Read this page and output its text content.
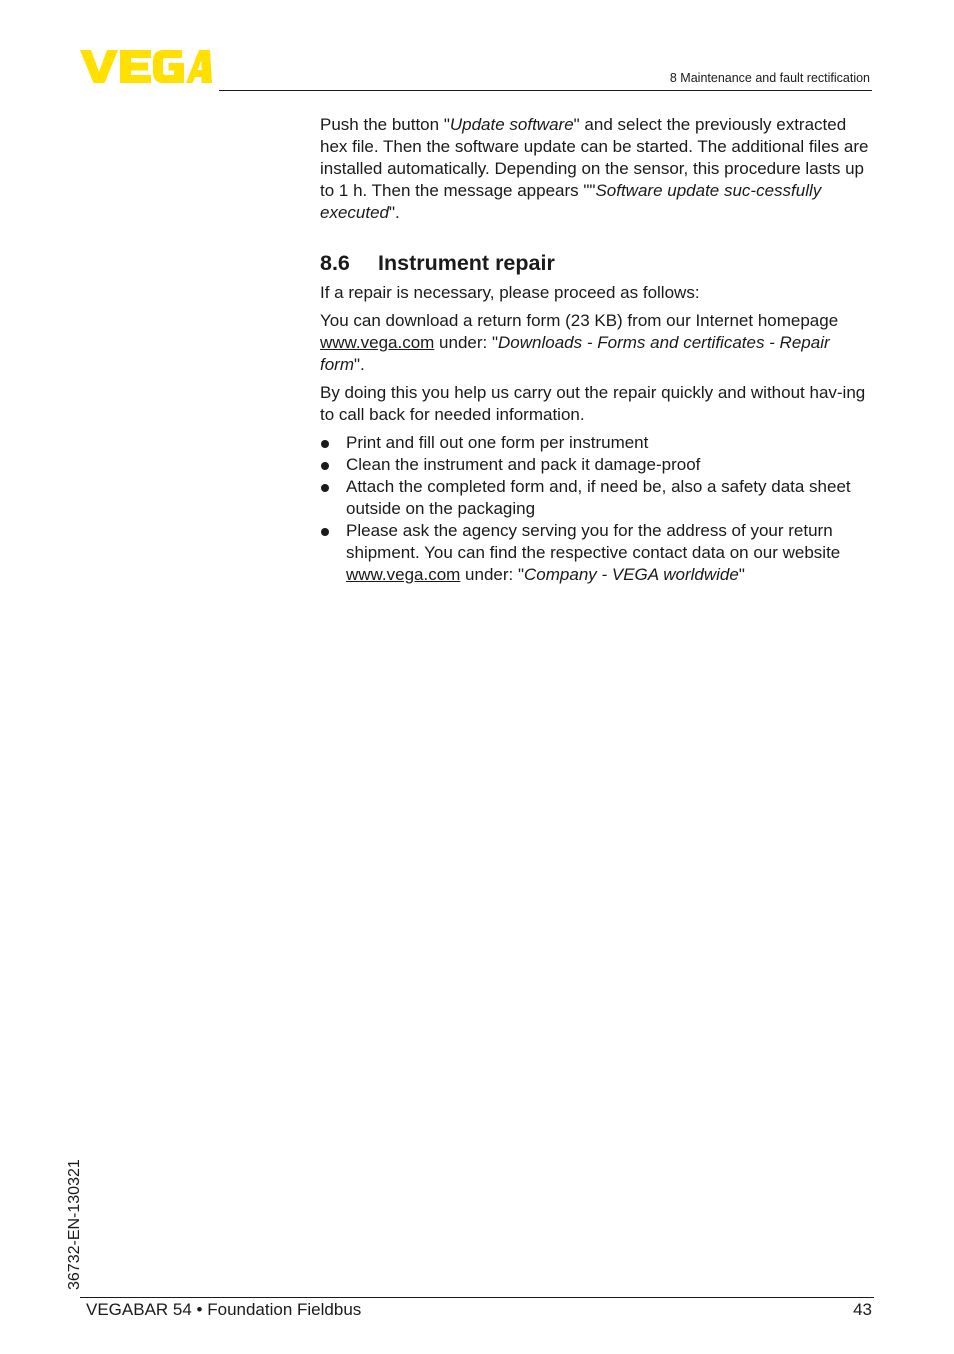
8 Maintenance and fault rectification

Push the button "Update software" and select the previously extracted hex file. Then the software update can be started. The additional files are installed automatically. Depending on the sensor, this procedure lasts up to 1 h. Then the message appears ""Software update suc-cessfully executed".

8.6 Instrument repair

If a repair is necessary, please proceed as follows:

You can download a return form (23 KB) from our Internet homepage www.vega.com under: "Downloads - Forms and certificates - Repair form".

By doing this you help us carry out the repair quickly and without hav-ing to call back for needed information.

Print and fill out one form per instrument
Clean the instrument and pack it damage-proof
Attach the completed form and, if need be, also a safety data sheet outside on the packaging
Please ask the agency serving you for the address of your return shipment. You can find the respective contact data on our website www.vega.com under: "Company - VEGA worldwide"
36732-EN-130321
VEGABAR 54 • Foundation Fieldbus	43
